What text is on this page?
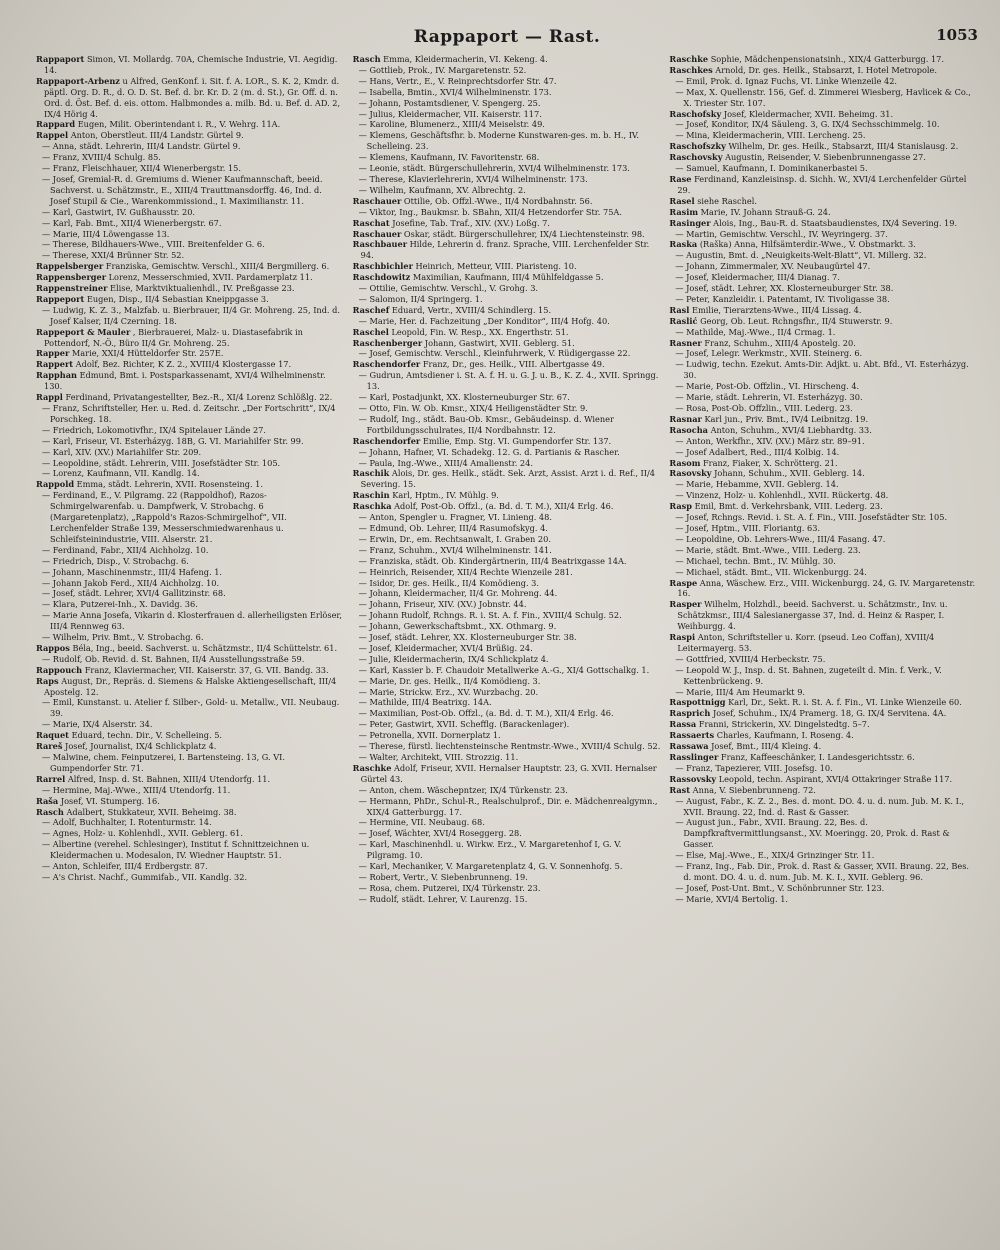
Rappaport — Rast.	1053

Rappaport Simon, VI. Mollardg. 70A, Chemische Industrie, VI. Aegidig. 14.

Rappaport-Arbenz u Alfred, GenKonf. i. Sit. f. A. LOR., S. K. 2, Kmdr. d. päptl. Org. D. R., d. O. D. St. Bef. d. br. Kr. D. 2 (m. d. St.), Gr. Off. d. n. Ord. d. Öst. Bef. d. eis. ottom. Halbmondes a. milb. Bd. u. Bef. d. AD. 2, IX/4 Hörig 4.

Rappard Eugen, Milit. Oberintendant i. R., V. Wehrg. 11A.

Rappel Anton, Oberstleut. III/4 Landstr. Gürtel 9.

— Anna, städt. Lehrerin, III/4 Landstr. Gürtel 9.

— Franz, XVIII/4 Schulg. 85.

— Franz, Fleischhauer, XII/4 Wienerbergstr. 15.

— Josef, Gremial-R. d. Gremiums d. Wiener Kaufmannschaft, beeid. Sachverst. u. Schätzmstr., E., XIII/4 Trauttmansdorffg. 46, Ind. d. Josef Stupil & Cie., Warenkommissiond., I. Maximilianstr. 11.

— Karl, Gastwirt, IV. Gußhausstr. 20.

— Karl, Fab. Bmt., XII/4 Wienerbergstr. 67.

— Marie, III/4 Löwengasse 13.

— Therese, Bildhauers-Wwe., VIII. Breitenfelder G. 6.

— Therese, XXI/4 Brünner Str. 52.

Rappelsberger Franziska, Gemischtw. Verschl., XIII/4 Bergmillerg. 6.

Rappensberger Lorenz, Messerschmied, XVII. Pardamerplatz 11.

Rappenstreiner Elise, Marktviktualienhdl., IV. Preßgasse 23.

Rappeport Eugen, Disp., II/4 Sebastian Kneippgasse 3.

— Ludwig, K. Z. 3., Malzfab. u. Bierbrauer, II/4 Gr. Mohreng. 25, Ind. d. Josef Kalser, II/4 Czerning. 18.

Rappeport & Mauler , Bierbrauerei, Malz- u. Diastasefabrik in Pottendorf, N.-Ö., Büro II/4 Gr. Mohreng. 25.

Rapper Marie, XXI/4 Hütteldorfer Str. 257E.

Rappert Adolf, Bez. Richter, K Z. 2., XVIII/4 Klostergasse 17.

Rapphan Edmund, Bmt. i. Postsparkassenamt, XVI/4 Wilhelminenstr. 130.

Rappl Ferdinand, Privatangestellter, Bez.-R., XI/4 Lorenz Schlößlg. 22.

— Franz, Schriftsteller, Her. u. Red. d. Zeitschr. „Der Fortschritt“, IX/4 Porschkeg. 18.

— Friedrich, Lokomotivfhr., IX/4 Spitelauer Lände 27.

— Karl, Friseur, VI. Esterházyg. 18B, G. VI. Mariahilfer Str. 99.

— Karl, XIV. (XV.) Mariahilfer Str. 209.

— Leopoldine, städt. Lehrerin, VIII. Josefstädter Str. 105.

— Lorenz, Kaufmann, VII. Kandlg. 14.

Rappold Emma, städt. Lehrerin, XVII. Rosensteing. 1.

— Ferdinand, E., V. Pilgramg. 22 (Rappoldhof), Razos-Schmirgelwarenfab. u. Dampfwerk, V. Strobachg. 6 (Margaretenplatz), „Rappold's Razos-Schmirgelhof“, VII. Lerchenfelder Straße 139, Messerschmiedwarenhaus u. Schleifsteinindustrie, VIII. Alserstr. 21.

— Ferdinand, Fabr., XII/4 Aichholzg. 10.

— Friedrich, Disp., V. Strobachg. 6.

— Johann, Maschinenmstr., III/4 Hafeng. 1.

— Johann Jakob Ferd., XII/4 Aichholzg. 10.

— Josef, städt. Lehrer, XVI/4 Gallitzinstr. 68.

— Klara, Putzerei-Inh., X. Davidg. 36.

— Marie Anna Josefa, Vikarin d. Klosterfrauen d. allerheiligsten Erlöser, III/4 Rennweg 63.

— Wilhelm, Priv. Bmt., V. Strobachg. 6.

Rappos Béla, Ing., beeid. Sachverst. u. Schätzmstr., II/4 Schüttelstr. 61.

— Rudolf, Ob. Revid. d. St. Bahnen, II/4 Ausstellungsstraße 59.

Rappouch Franz, Klaviermacher, VII. Kaiserstr. 37, G. VII. Bandg. 33.

Raps August, Dr., Repräs. d. Siemens & Halske Aktiengesellschaft, III/4 Apostelg. 12.

— Emil, Kunstanst. u. Atelier f. Silber-, Gold- u. Metallw., VII. Neubaug. 39.

— Marie, IX/4 Alserstr. 34.

Raquet Eduard, techn. Dir., V. Schelleing. 5.

Rareš Josef, Journalist, IX/4 Schlickplatz 4.

— Malwine, chem. Feinputzerei, I. Bartensteing. 13, G. VI. Gumpendorfer Str. 71.

Rarrel Alfred, Insp. d. St. Bahnen, XIII/4 Utendorfg. 11.

— Hermine, Maj.-Wwe., XIII/4 Utendorfg. 11.

Raša Josef, VI. Stumperg. 16.

Rasch Adalbert, Stukkateur, XVII. Beheimg. 38.

— Adolf, Buchhalter, I. Rotenturmstr. 14.

— Agnes, Holz- u. Kohlenhdl., XVII. Geblerg. 61.

— Albertine (verehel. Schlesinger), Institut f. Schnittzeichnen u. Kleidermachen u. Modesalon, IV. Wiedner Hauptstr. 51.

— Anton, Schleifer, III/4 Erdbergstr. 87.

— A's Christ. Nachf., Gummifab., VII. Kandlg. 32.

Rasch Emma, Kleidermacherin, VI. Kekeng. 4.

— Gottlieb, Prok., IV. Margaretenstr. 52.

— Hans, Vertr., E., V. Reinprechtsdorfer Str. 47.

— Isabella, Bmtin., XVI/4 Wilhelminenstr. 173.

— Johann, Postamtsdiener, V. Spengerg. 25.

— Julius, Kleidermacher, VII. Kaiserstr. 117.

— Karoline, Blumenerz., XIII/4 Meiselstr. 49.

— Klemens, Geschäftsfhr. b. Moderne Kunstwaren-ges. m. b. H., IV. Schelleing. 23.

— Klemens, Kaufmann, IV. Favoritenstr. 68.

— Leonie, städt. Bürgerschullehrerin, XVI/4 Wilhelminenstr. 173.

— Therese, Klavierlehrerin, XVI/4 Wilhelminenstr. 173.

— Wilhelm, Kaufmann, XV. Albrechtg. 2.

Raschauer Ottilie, Ob. Offzl.-Wwe., II/4 Nordbahnstr. 56.

— Viktor, Ing., Baukmsr. b. SBahn, XII/4 Hetzendorfer Str. 75A.

Raschat Josefine, Tab. Traf., XIV. (XV.) Loßg. 7.

Raschauer Oskar, städt. Bürgerschullehrer, IX/4 Liechtensteinstr. 98.

Raschbauer Hilde, Lehrerin d. franz. Sprache, VIII. Lerchenfelder Str. 94.

Raschbichler Heinrich, Metteur, VIII. Piaristeng. 10.

Raschdowitz Maximilian, Kaufmann, III/4 Mühlfeldgasse 5.

— Ottilie, Gemischtw. Verschl., V. Grohg. 3.

— Salomon, II/4 Springerg. 1.

Raschef Eduard, Vertr., XVIII/4 Schindlerg. 15.

— Marie, Her. d. Fachzeitung „Der Konditor“, III/4 Hofg. 40.

Raschel Leopold, Fin. W. Resp., XX. Engerthstr. 51.

Raschenberger Johann, Gastwirt, XVII. Geblerg. 51.

— Josef, Gemischtw. Verschl., Kleinfuhrwerk, V. Rüdigergasse 22.

Raschendorfer Franz, Dr., ges. Heilk., VIII. Albertgasse 49.

— Gudrun, Amtsdiener i. St. A. f. H. u. G. J. u. B., K. Z. 4., XVII. Springg. 13.

— Karl, Postadjunkt, XX. Klosterneuburger Str. 67.

— Otto, Fin. W. Ob. Kmsr., XIX/4 Heiligenstädter Str. 9.

— Rudolf, Ing., städt. Bau-Ob. Kmsr., Gebäudeinsp. d. Wiener Fortbildungsschulrates, II/4 Nordbahnstr. 12.

Raschendorfer Emilie, Emp. Stg. VI. Gumpendorfer Str. 137.

— Johann, Hafner, VI. Schadekg. 12. G. d. Partianis & Rascher.

— Paula, Ing.-Wwe., XIII/4 Amalienstr. 24.

Raschik Alois, Dr. ges. Heilk., städt. Sek. Arzt, Assist. Arzt i. d. Ref., II/4 Severing. 15.

Raschin Karl, Hptm., IV. Mühlg. 9.

Raschka Adolf, Post-Ob. Offzl., (a. Bd. d. T. M.), XII/4 Erlg. 46.

— Anton, Spengler u. Fragner, VI. Linieng. 48.

— Edmund, Ob. Lehrer, III/4 Rasumofskyg. 4.

— Erwin, Dr., em. Rechtsanwalt, I. Graben 20.

— Franz, Schuhm., XVI/4 Wilhelminenstr. 141.

— Franziska, städt. Ob. Kindergärtnerin, III/4 Beatrixgasse 14A.

— Heinrich, Reisender, XII/4 Rechte Wienzeile 281.

— Isidor, Dr. ges. Heilk., II/4 Komödieng. 3.

— Johann, Kleidermacher, II/4 Gr. Mohreng. 44.

— Johann, Friseur, XIV. (XV.) Jobnstr. 44.

— Johann Rudolf, Rchngs. R. i. St. A. f. Fin., XVIII/4 Schulg. 52.

— Johann, Gewerkschaftsbmt., XX. Othmarg. 9.

— Josef, städt. Lehrer, XX. Klosterneuburger Str. 38.

— Josef, Kleidermacher, XVI/4 Brüßig. 24.

— Julie, Kleidermacherin, IX/4 Schlickplatz 4.

— Karl, Kassier b. F. Chaudoir Metallwerke A.-G., XI/4 Gottschalkg. 1.

— Marie, Dr. ges. Heilk., II/4 Komödieng. 3.

— Marie, Strickw. Erz., XV. Wurzbachg. 20.

— Mathilde, III/4 Beatrixg. 14A.

— Maximilian, Post-Ob. Offzl., (a. Bd. d. T. M.), XII/4 Erlg. 46.

— Peter, Gastwirt, XVII. Schefflg. (Barackenlager).

— Petronella, XVII. Dornerplatz 1.

— Therese, fürstl. liechtensteinsche Rentmstr.-Wwe., XVIII/4 Schulg. 52.

— Walter, Architekt, VIII. Strozzig. 11.

Raschke Adolf, Friseur, XVII. Hernalser Hauptstr. 23, G. XVII. Hernalser Gürtel 43.

— Anton, chem. Wäschepntzer, IX/4 Türkenstr. 23.

— Hermann, PhDr., Schul-R., Realschulprof., Dir. e. Mädchenrealgymn., XIX/4 Gatterburgg. 17.

— Hermine, VII. Neubaug. 68.

— Josef, Wächter, XVI/4 Roseggerg. 28.

— Karl, Maschinenhdl. u. Wirkw. Erz., V. Margaretenhof I, G. V. Pilgramg. 10.

— Karl, Mechaniker, V. Margaretenplatz 4, G. V. Sonnenhofg. 5.

— Robert, Vertr., V. Siebenbrunneng. 19.

— Rosa, chem. Putzerei, IX/4 Türkenstr. 23.

— Rudolf, städt. Lehrer, V. Laurenzg. 15.

Raschke Sophie, Mädchenpensionatsinh., XIX/4 Gatterburgg. 17.

Raschkes Arnold, Dr. ges. Heilk., Stabsarzt, I. Hotel Metropole.

— Emil, Prok. d. Ignaz Fuchs, VI. Linke Wienzeile 42.

— Max, X. Quellenstr. 156, Gef. d. Zimmerei Wiesberg, Havlicek & Co., X. Triester Str. 107.

Raschofsky Josef, Kleidermacher, XVII. Beheimg. 31.

— Josef, Konditor, IX/4 Säuleng. 3, G. IX/4 Sechsschimmelg. 10.

— Mina, Kleidermacherin, VIII. Lercheng. 25.

Raschofszky Wilhelm, Dr. ges. Heilk., Stabsarzt, III/4 Stanislausg. 2.

Raschovsky Augustin, Reisender, V. Siebenbrunnengasse 27.

— Samuel, Kaufmann, I. Dominikanerbastei 5.

Rase Ferdinand, Kanzleisinsp. d. Sichh. W., XVI/4 Lerchenfelder Gürtel 29.

Rasel siehe Raschel.

Rasim Marie, IV. Johann Strauß-G. 24.

Rasinger Alois, Ing., Bau-R. d. Staatsbaudienstes, IX/4 Severing. 19.

— Martin, Gemischtw. Verschl., IV. Weyringerg. 37.

Raska (Raška) Anna, Hilfsämterdir.-Wwe., V. Obstmarkt. 3.

— Augustin, Bmt. d. „Neuigkeits-Welt-Blatt“, VI. Millerg. 32.

— Johann, Zimmermaler, XV. Neubaugürtel 47.

— Josef, Kleidermacher, III/4 Dianag. 7.

— Josef, städt. Lehrer, XX. Klosterneuburger Str. 38.

— Peter, Kanzleidir. i. Patentamt, IV. Tivoligasse 38.

Rasl Emilie, Tierarztens-Wwe., III/4 Lissag. 4.

Raslić Georg, Ob. Leut. Rchngsfhr., II/4 Stuwerstr. 9.

— Mathilde, Maj.-Wwe., II/4 Crmag. 1.

Rasner Franz, Schuhm., XIII/4 Apostelg. 20.

— Josef, Lelegr. Werkmstr., XVII. Steinerg. 6.

— Ludwig, techn. Ezekut. Amts-Dir. Adjkt. u. Abt. Bfd., VI. Esterházyg. 30.

— Marie, Post-Ob. Offzlin., VI. Hirscheng. 4.

— Marie, städt. Lehrerin, VI. Esterházyg. 30.

— Rosa, Post-Ob. Offzlin., VIII. Lederg. 23.

Rasnar Karl jun., Priv. Bmt., IV/4 Leibnitzg. 19.

Rasocha Anton, Schuhm., XVI/4 Liebhardtg. 33.

— Anton, Werkfhr., XIV. (XV.) März str. 89–91.

— Josef Adalbert, Red., III/4 Kolbig. 14.

Rasom Franz, Fiaker, X. Schrötterg. 21.

Rasovsky Johann, Schuhm., XVII. Geblerg. 14.

— Marie, Hebamme, XVII. Geblerg. 14.

— Vinzenz, Holz- u. Kohlenhdl., XVII. Rückertg. 48.

Rasp Emil, Bmt. d. Verkehrsbank, VIII. Lederg. 23.

— Josef, Rchngs. Revid. i. St. A. f. Fin., VIII. Josefstädter Str. 105.

— Josef, Hptm., VIII. Floriantg. 63.

— Leopoldine, Ob. Lehrers-Wwe., III/4 Fasang. 47.

— Marie, städt. Bmt.-Wwe., VIII. Lederg. 23.

— Michael, techn. Bmt., IV. Mühlg. 30.

— Michael, städt. Bmt., VII. Wickenburgg. 24.

Raspe Anna, Wäschew. Erz., VIII. Wickenburgg. 24, G. IV. Margaretenstr. 16.

Rasper Wilhelm, Holzhdl., beeid. Sachverst. u. Schätzmstr., Inv. u. Schätzkmsr., III/4 Salesianergasse 37, Ind. d. Heinz & Rasper, I. Weihburgg. 4.

Raspi Anton, Schriftsteller u. Korr. (pseud. Leo Coffan), XVIII/4 Leitermayerg. 53.

— Gottfried, XVIII/4 Herbeckstr. 75.

— Leopold W. J., Insp. d. St. Bahnen, zugeteilt d. Min. f. Verk., V. Kettenbrückeng. 9.

— Marie, III/4 Am Heumarkt 9.

Raspottnigg Karl, Dr., Sekt. R. i. St. A. f. Fin., VI. Linke Wienzeile 60.

Rasprich Josef, Schuhm., IX/4 Pramerg. 18, G. IX/4 Servitenа. 4A.

Rassa Franni, Strickerin, XV. Dingelstedtg. 5–7.

Rassaerts Charles, Kaufmann, I. Roseng. 4.

Rassawa Josef, Bmt., III/4 Kleing. 4.

Rasslinger Franz, Kaffeeschänker, I. Landesgerichtsstr. 6.

— Franz, Tapezierer, VIII. Josefsg. 10.

Rassovsky Leopold, techn. Aspirant, XVI/4 Ottakringer Straße 117.

Rast Anna, V. Siebenbrunneng. 72.

— August, Fabr., K. Z. 2., Bes. d. mont. DO. 4. u. d. num. Jub. M. K. I., XVII. Braung. 22, Ind. d. Rast & Gasser.

— August jun., Fabr., XVII. Braung. 22, Bes. d. Dampfkraftvermittlungsanst., XV. Moeringg. 20, Prok. d. Rast & Gasser.

— Else, Maj.-Wwe., E., XIX/4 Grinzinger Str. 11.

— Franz, Ing., Fab. Dir., Prok. d. Rast & Gasser, XVII. Braung. 22, Bes. d. mont. DO. 4. u. d. num. Jub. M. K. I., XVII. Geblerg. 96.

— Josef, Post-Unt. Bmt., V. Schönbrunner Str. 123.

— Marie, XVI/4 Bertolig. 1.
